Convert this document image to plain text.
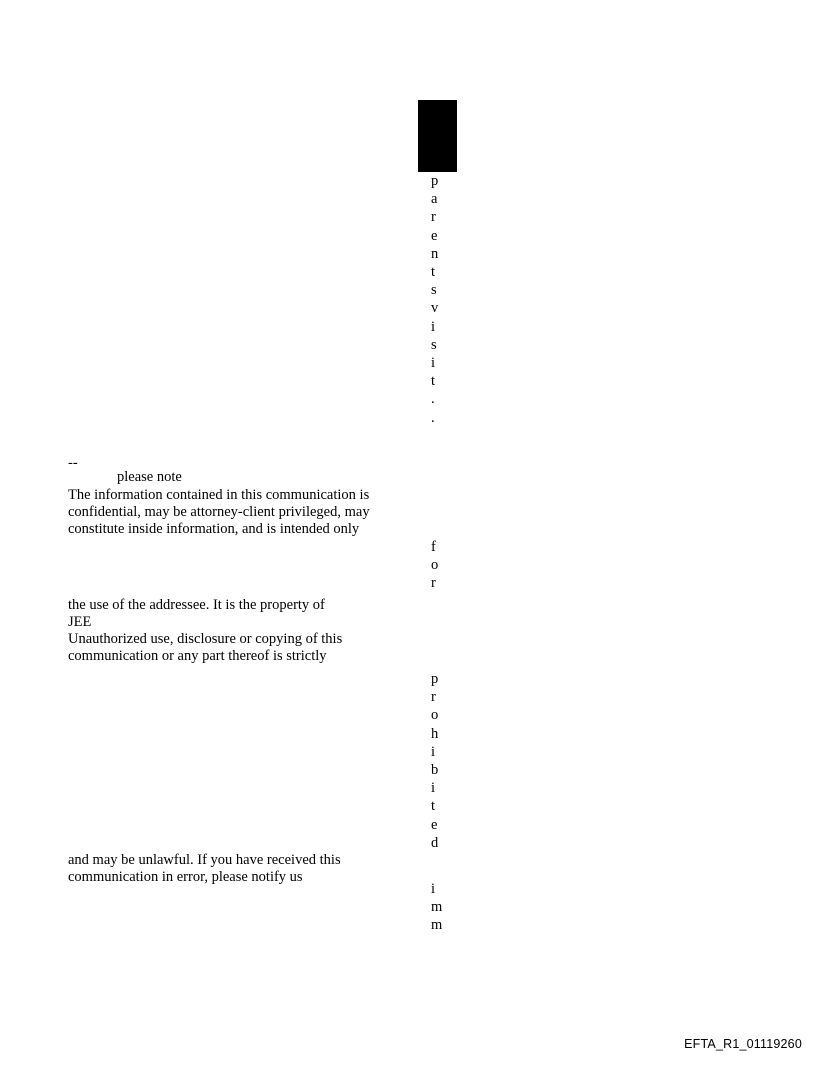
p
a
r
e
n
t
s
v
i
s
i
t
.
.
--
please note
The information contained in this communication is
confidential, may be attorney-client privileged, may
constitute inside information, and is intended only
f
o
r
the use of the addressee. It is the property of
JEE
Unauthorized use, disclosure or copying of this
communication or any part thereof is strictly
p
r
o
h
i
b
i
t
e
d
and may be unlawful. If you have received this
communication in error, please notify us
i
m
m
EFTA_R1_01119260
